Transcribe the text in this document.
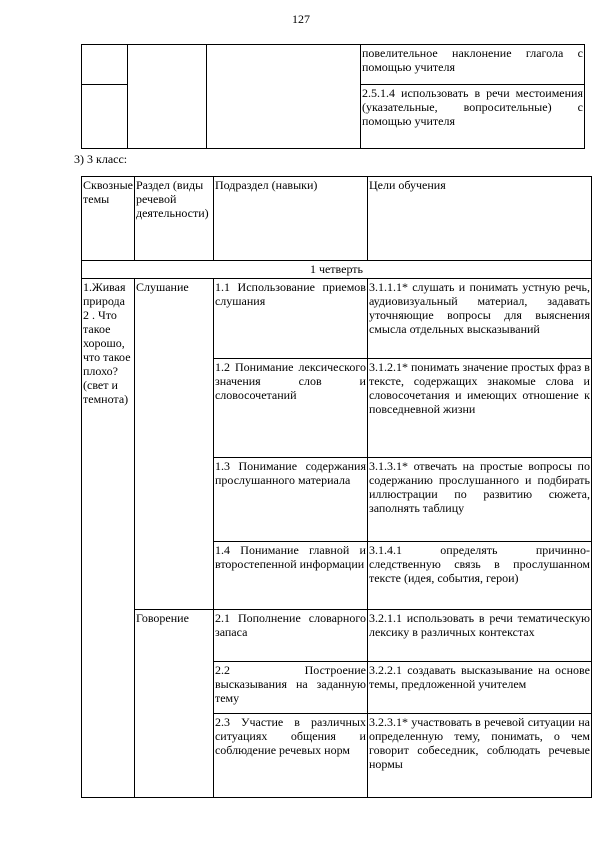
127
			повелительное наклонение глагола с помощью учителя
			2.5.1.4 использовать в речи местоимения (указательные, вопросительные) с помощью учителя
3) 3 класс:
Сквозные темы	Раздел (виды речевой деятельности)	Подраздел (навыки)	Цели обучения
1 четверть			
1.Живая природа 2 . Что такое хорошо, что такое плохо? (свет и темнота)	Слушание	1.1 Использование приемов слушания	3.1.1.1* слушать и понимать устную речь, аудиовизуальный материал, задавать уточняющие вопросы для выяснения смысла отдельных высказываний
		1.2 Понимание лексического значения слов и словосочетаний	3.1.2.1* понимать значение простых фраз в тексте, содержащих знакомые слова и словосочетания и имеющих отношение к повседневной жизни
		1.3 Понимание содержания прослушанного материала	3.1.3.1* отвечать на простые вопросы по содержанию прослушанного и подбирать иллюстрации по развитию сюжета, заполнять таблицу
		1.4 Понимание главной и второстепенной информации	3.1.4.1 определять причинно-следственную связь в прослушанном тексте (идея, события, герои)
	Говорение	2.1 Пополнение словарного запаса	3.2.1.1 использовать в речи тематическую лексику в различных контекстах
		2.2 Построение высказывания на заданную тему	3.2.2.1 создавать высказывание на основе темы, предложенной учителем
		2.3 Участие в различных ситуациях общения и соблюдение речевых норм	3.2.3.1* участвовать в речевой ситуации на определенную тему, понимать, о чем говорит собеседник, соблюдать речевые нормы
